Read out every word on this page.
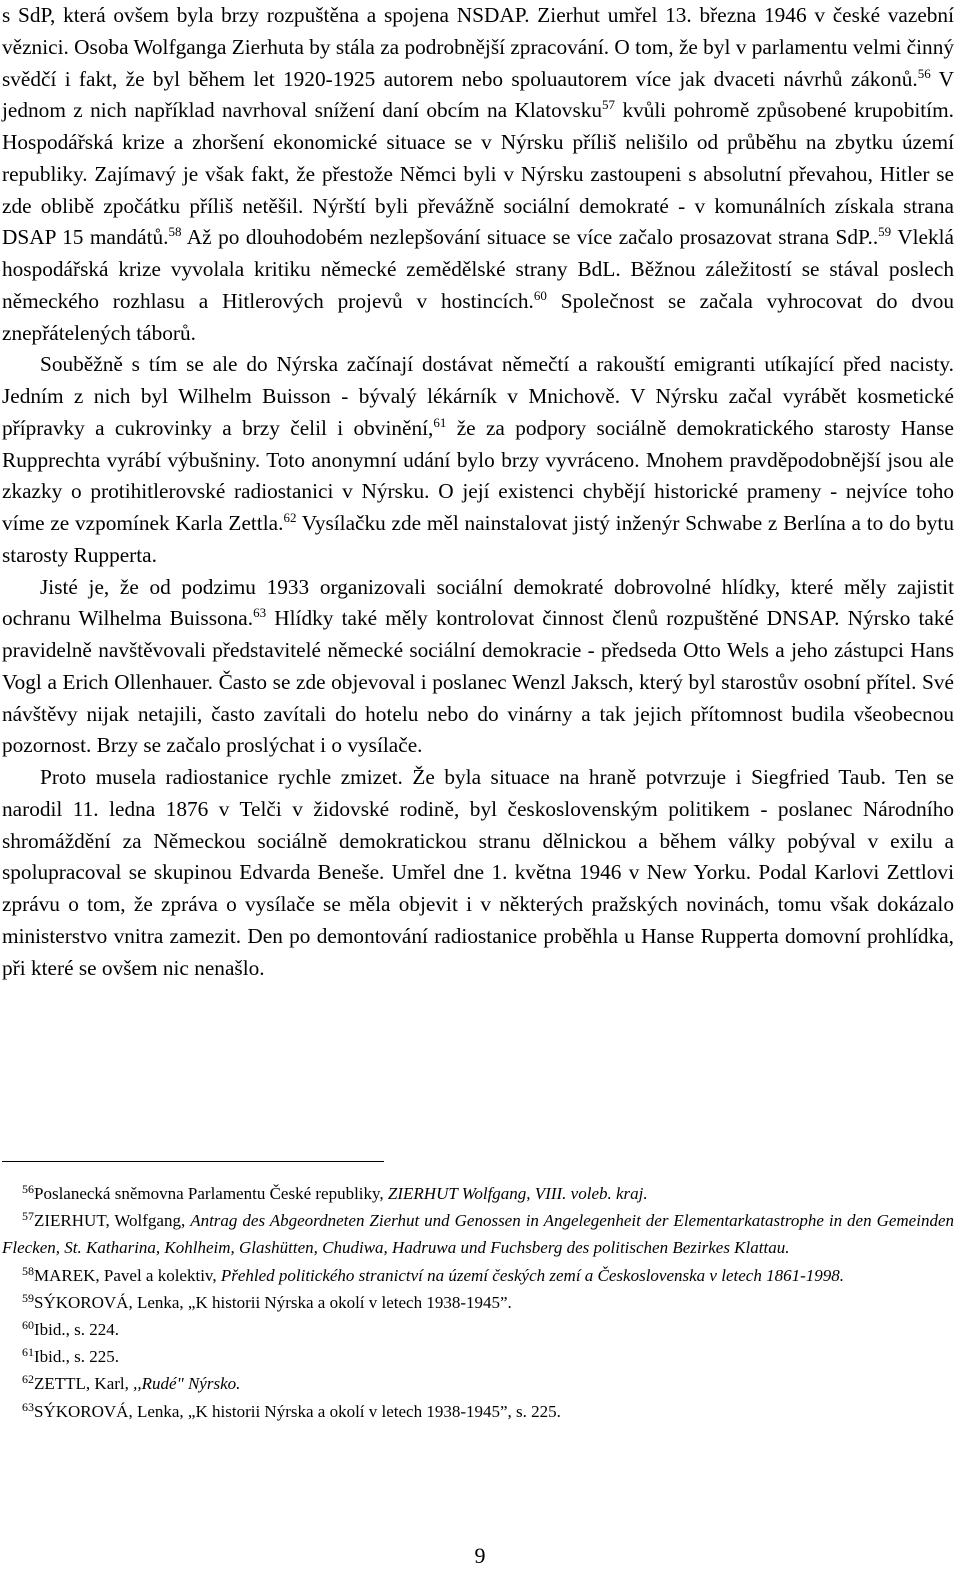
s SdP, která ovšem byla brzy rozpuštěna a spojena NSDAP. Zierhut umřel 13. března 1946 v české vazební věznici. Osoba Wolfganga Zierhuta by stála za podrobnější zpracování. O tom, že byl v parlamentu velmi činný svědčí i fakt, že byl během let 1920-1925 autorem nebo spoluautorem více jak dvaceti návrhů zákonů.$^{56}$ V jednom z nich například navrhoval snížení daní obcím na Klatovsku$^{57}$ kvůli pohromě způsobené krupobitím. Hospodářská krize a zhoršení ekonomické situace se v Nýrsku příliš nelišilo od průběhu na zbytku území republiky. Zajímavý je však fakt, že přestože Němci byli v Nýrsku zastoupeni s absolutní převahou, Hitler se zde oblibě zpočátku příliš netěšil. Nýrští byli převážně sociální demokraté - v komunálních získala strana DSAP 15 mandátů.$^{58}$ Až po dlouhodobém nezlepšování situace se více začalo prosazovat strana SdP..$^{59}$ Vleklá hospodářská krize vyvolala kritiku německé zemědělské strany BdL. Běžnou záležitostí se stával poslech německého rozhlasu a Hitlerových projevů v hostincích.$^{60}$ Společnost se začala vyhrocovat do dvou znepřátelených táborů.

Souběžně s tím se ale do Nýrska začínají dostávat němečtí a rakouští emigranti utíkající před nacisty. Jedním z nich byl Wilhelm Buisson - bývalý lékárník v Mnichově. V Nýrsku začal vyrábět kosmetické přípravky a cukrovinky a brzy čelil i obvinění,$^{61}$ že za podpory sociálně demokratického starosty Hanse Rupprechta vyrábí výbušniny. Toto anonymní udání bylo brzy vyvráceno. Mnohem pravděpodobnější jsou ale zkazky o protihitlerovské radiostanici v Nýrsku. O její existenci chybějí historické prameny - nejvíce toho víme ze vzpomínek Karla Zettla.$^{62}$ Vysílačku zde měl nainstalovat jistý inženýr Schwabe z Berlína a to do bytu starosty Rupperta.

Jisté je, že od podzimu 1933 organizovali sociální demokraté dobrovolné hlídky, které měly zajistit ochranu Wilhelma Buissona.$^{63}$ Hlídky také měly kontrolovat činnost členů rozpuštěné DNSAP. Nýrsko také pravidelně navštěvovali představitelé německé sociální demokracie - předseda Otto Wels a jeho zástupci Hans Vogl a Erich Ollenhauer. Často se zde objevoval i poslanec Wenzl Jaksch, který byl starostův osobní přítel. Své návštěvy nijak netajili, často zavítali do hotelu nebo do vinárny a tak jejich přítomnost budila všeobecnou pozornost. Brzy se začalo proslýchat i o vysílače.

Proto musela radiostanice rychle zmizet. Že byla situace na hraně potvrzuje i Siegfried Taub. Ten se narodil 11. ledna 1876 v Telči v židovské rodině, byl československým politikem - poslanec Národního shromáždění za Německou sociálně demokratickou stranu dělnickou a během války pobýval v exilu a spolupracoval se skupinou Edvarda Beneše. Umřel dne 1. května 1946 v New Yorku. Podal Karlovi Zettlovi zprávu o tom, že zpráva o vysílače se měla objevit i v některých pražských novinách, tomu však dokázalo ministerstvo vnitra zamezit. Den po demontování radiostanice proběhla u Hanse Rupperta domovní prohlídka, při které se ovšem nic nenašlo.

$^{56}$Poslanecká sněmovna Parlamentu České republiky, ZIERHUT Wolfgang, VIII. voleb. kraj.

$^{57}$ZIERHUT, Wolfgang, Antrag des Abgeordneten Zierhut und Genossen in Angelegenheit der Elementarkatastrophe in den Gemeinden Flecken, St. Katharina, Kohlheim, Glashütten, Chudiwa, Hadruwa und Fuchsberg des politischen Bezirkes Klattau.

$^{58}$MAREK, Pavel a kolektiv, Přehled politického stranictví na území českých zemí a Československa v letech 1861-1998.

$^{59}$SÝKOROVÁ, Lenka, „K historii Nýrska a okolí v letech 1938-1945”.

$^{60}$Ibid., s. 224.

$^{61}$Ibid., s. 225.

$^{62}$ZETTL, Karl, ,,Rudé" Nýrsko.

$^{63}$SÝKOROVÁ, Lenka, „K historii Nýrska a okolí v letech 1938-1945”, s. 225.

9
